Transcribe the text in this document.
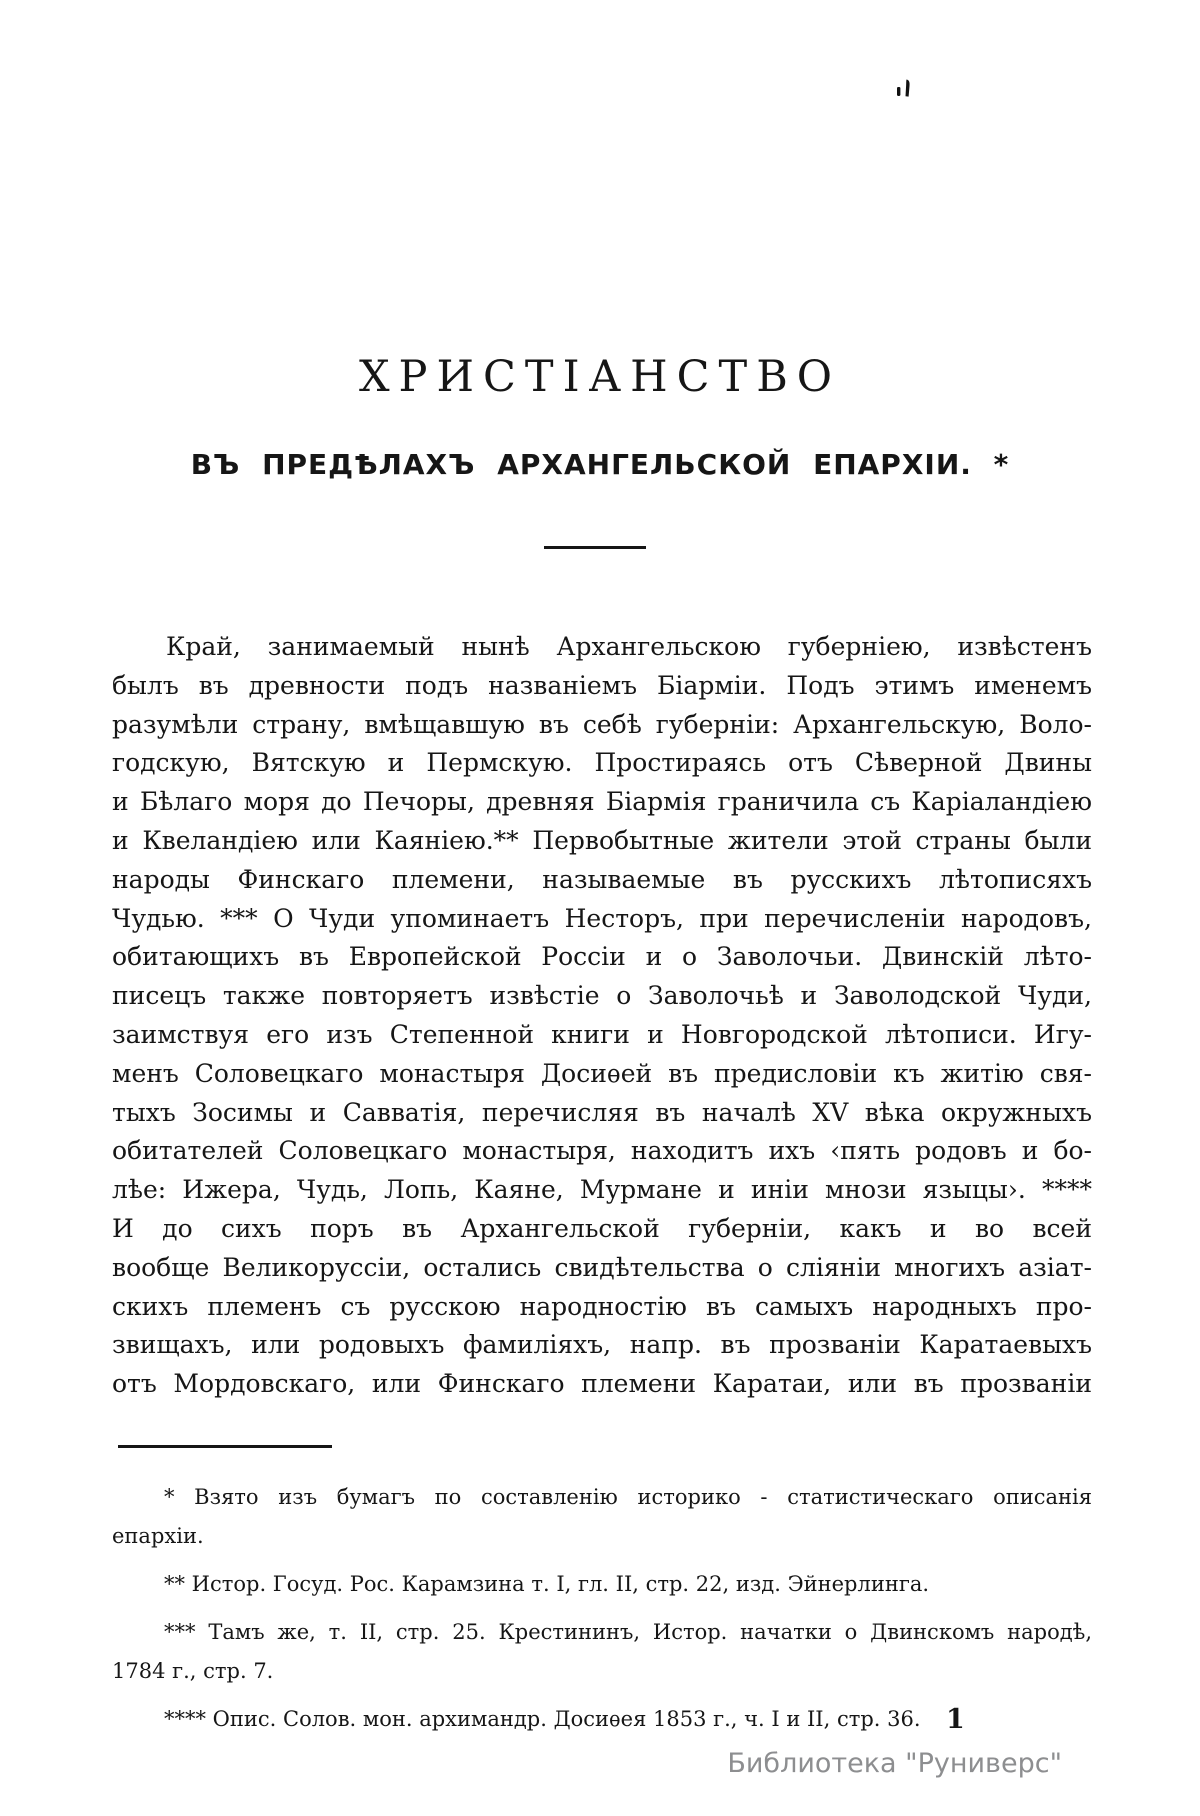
ХРИСТІАНСТВО
ВЪ ПРЕДѢЛАХЪ АРХАНГЕЛЬСКОЙ ЕПАРХІИ. *

Край, занимаемый нынѣ Архангельскою губерніею, извѣстенъ

былъ въ древности подъ названіемъ Біарміи. Подъ этимъ именемъ

разумѣли страну, вмѣщавшую въ себѣ губерніи: Архангельскую, Воло-

годскую, Вятскую и Пермскую. Простираясь отъ Сѣверной Двины

и Бѣлаго моря до Печоры, древняя Біармія граничила съ Каріаландіею

и Квеландіею или Каяніею.** Первобытные жители этой страны были

народы Финскаго племени, называемые въ русскихъ лѣтописяхъ

Чудью. *** О Чуди упоминаетъ Несторъ, при перечисленіи народовъ,

обитающихъ въ Европейской Россіи и о Заволочьи. Двинскій лѣто-

писецъ также повторяетъ извѣстіе о Заволочьѣ и Заволодской Чуди,

заимствуя его изъ Степенной книги и Новгородской лѣтописи. Игу-

менъ Соловецкаго монастыря Досиѳей въ предисловіи къ житію свя-

тыхъ Зосимы и Савватія, перечисляя въ началѣ XV вѣка окружныхъ

обитателей Соловецкаго монастыря, находитъ ихъ ‹пять родовъ и бо-

лѣе: Ижера, Чудь, Лопь, Каяне, Мурмане и иніи мнози языцы›. ****

И до сихъ поръ въ Архангельской губерніи, какъ и во всей

вообще Великоруссіи, остались свидѣтельства о сліяніи многихъ азіат-

скихъ племенъ съ русскою народностію въ самыхъ народныхъ про-

звищахъ, или родовыхъ фамиліяхъ, напр. въ прозваніи Каратаевыхъ

отъ Мордовскаго, или Финскаго племени Каратаи, или въ прозваніи

* Взято изъ бумагъ по составленію историко - статистическаго описанія

епархіи.

** Истор. Госуд. Рос. Карамзина т. I, гл. II, стр. 22, изд. Эйнерлинга.

*** Тамъ же, т. II, стр. 25. Крестининъ, Истор. начатки о Двинскомъ народѣ,

1784 г., стр. 7.

**** Опис. Солов. мон. архимандр. Досиѳея 1853 г., ч. I и II, стр. 36. 1
Библиотека "Руниверс"
